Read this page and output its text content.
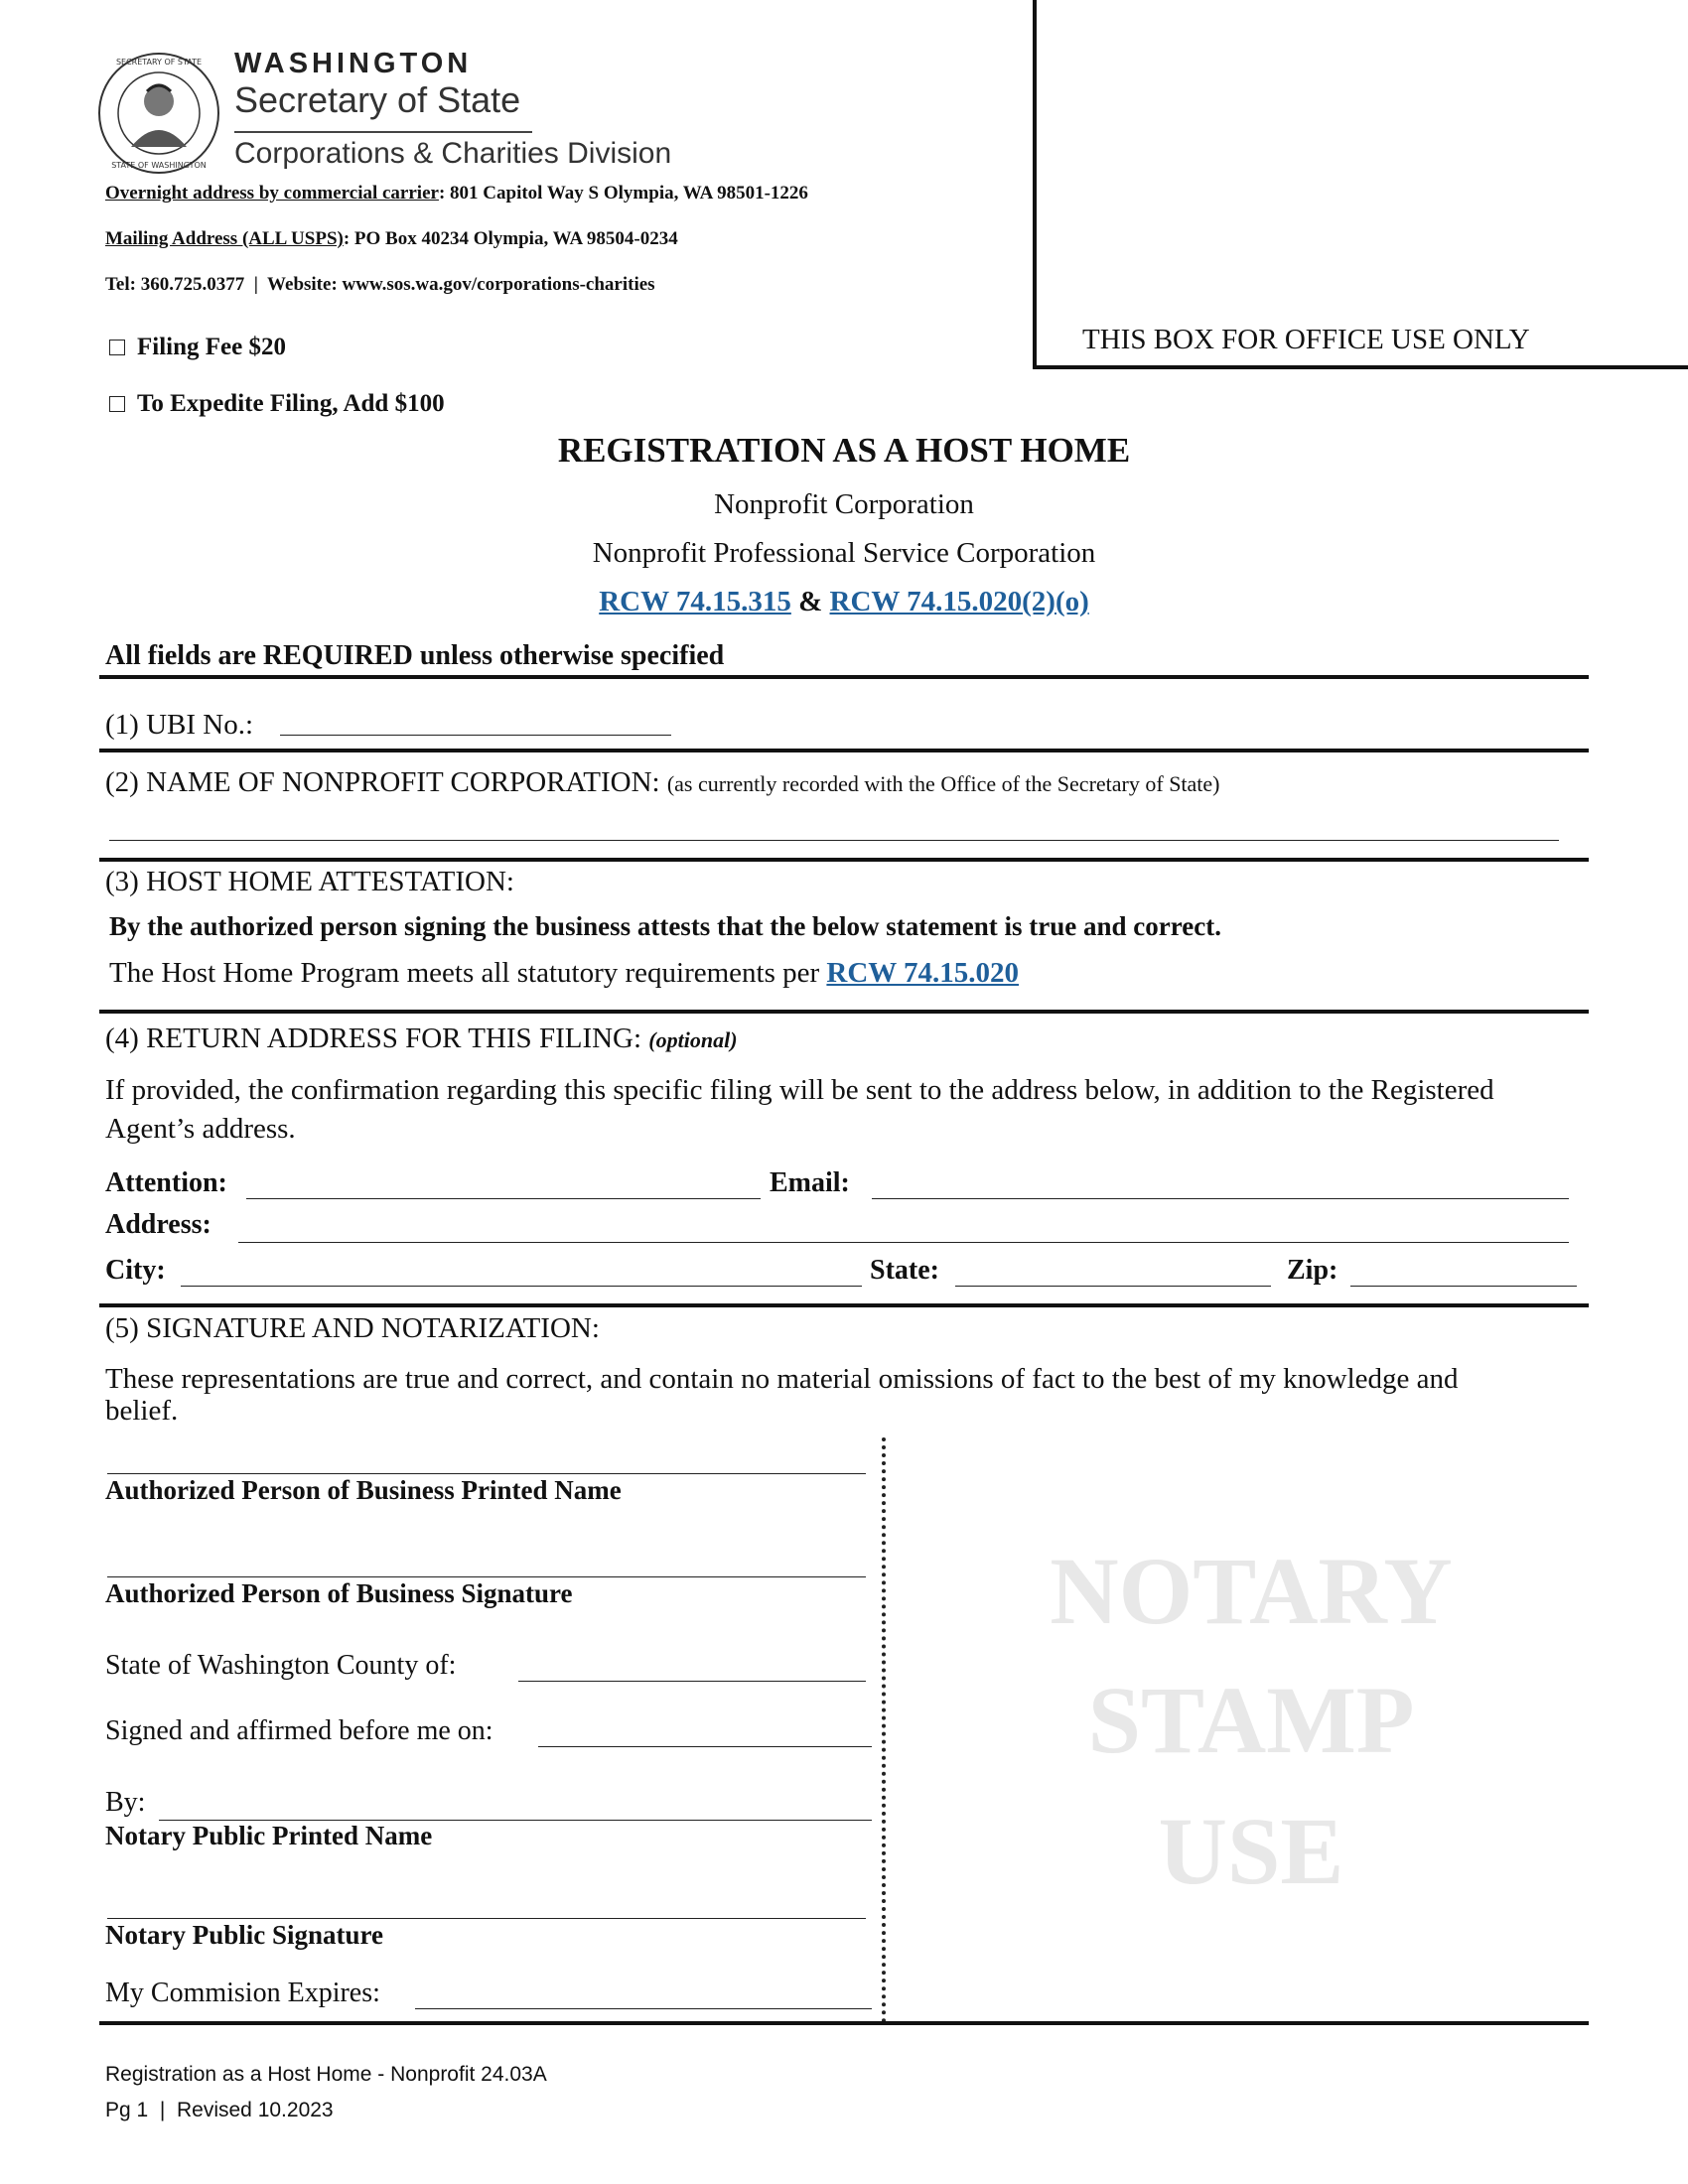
SECRETARY OF STATE
STATE OF WASHINGTON
WASHINGTON
Secretary of State
Corporations & Charities Division
Overnight address by commercial carrier: 801 Capitol Way S Olympia, WA 98501-1226
Mailing Address (ALL USPS): PO Box 40234 Olympia, WA 98504-0234
Tel: 360.725.0377  |  Website: www.sos.wa.gov/corporations-charities
THIS BOX FOR OFFICE USE ONLY
Filing Fee $20
To Expedite Filing, Add $100
REGISTRATION AS A HOST HOME
Nonprofit Corporation
Nonprofit Professional Service Corporation
RCW 74.15.315 & RCW 74.15.020(2)(o)
All fields are REQUIRED unless otherwise specified
(1) UBI No.:
(2) NAME OF NONPROFIT CORPORATION: (as currently recorded with the Office of the Secretary of State)
(3) HOST HOME ATTESTATION:
By the authorized person signing the business attests that the below statement is true and correct.
The Host Home Program meets all statutory requirements per RCW 74.15.020
(4) RETURN ADDRESS FOR THIS FILING: (optional)
If provided, the confirmation regarding this specific filing will be sent to the address below, in addition to the Registered
Agent’s address.
Attention:	Email:
Address:
City:	State:	Zip:
(5) SIGNATURE AND NOTARIZATION:
These representations are true and correct, and contain no material omissions of fact to the best of my knowledge and
belief.
Authorized Person of Business Printed Name
Authorized Person of Business Signature
State of Washington County of:
Signed and affirmed before me on:
By:
Notary Public Printed Name
Notary Public Signature
My Commision Expires:
NOTARY
STAMP
USE
Registration as a Host Home - Nonprofit 24.03A
Pg 1  |  Revised 10.2023
